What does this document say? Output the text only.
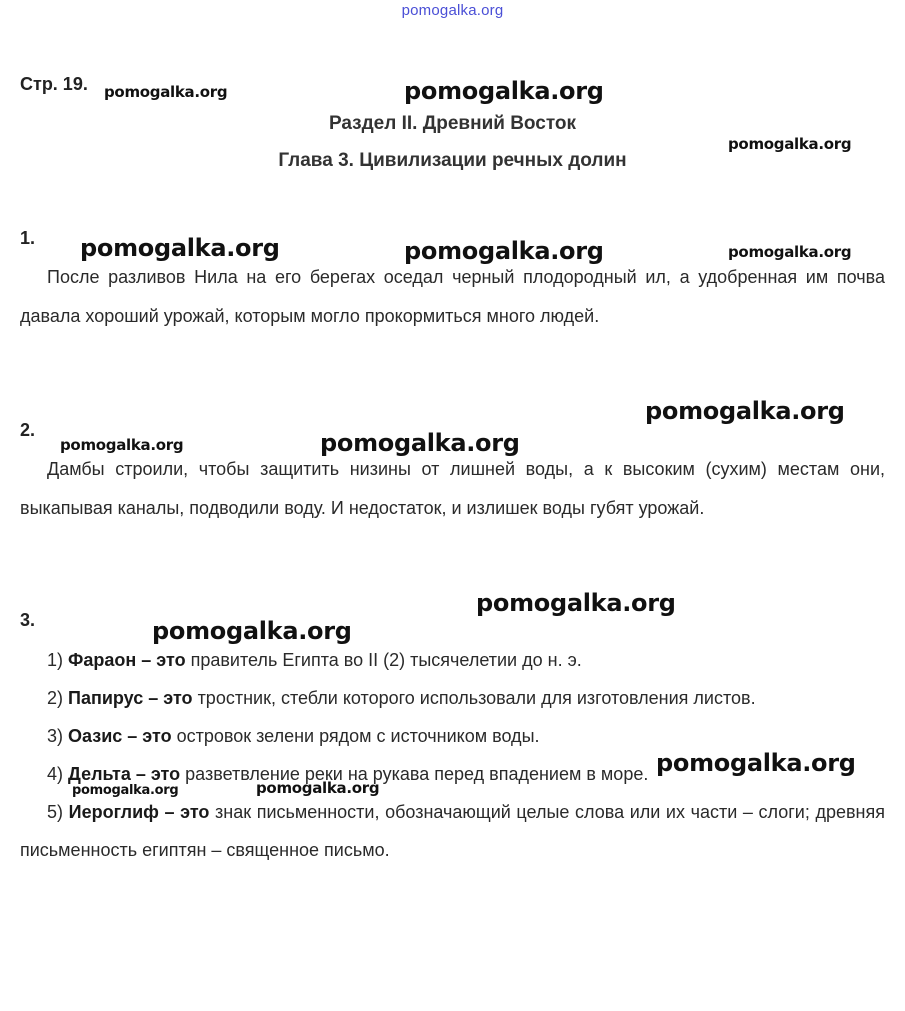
pomogalka.org
Стр. 19.
Раздел II. Древний Восток
Глава 3. Цивилизации речных долин
1.
После разливов Нила на его берегах оседал черный плодородный ил, а удобренная им почва давала хороший урожай, которым могло прокормиться много людей.
2.
Дамбы строили, чтобы защитить низины от лишней воды, а к высоким (сухим) местам они, выкапывая каналы, подводили воду. И недостаток, и излишек воды губят урожай.
3.
1) Фараон – это правитель Египта во II (2) тысячелетии до н. э.
2) Папирус – это тростник, стебли которого использовали для изготовления листов.
3) Оазис – это островок зелени рядом с источником воды.
4) Дельта – это разветвление реки на рукава перед впадением в море.
5) Иероглиф – это знак письменности, обозначающий целые слова или их части – слоги; древняя письменность египтян – священное письмо.
pomogalka.org	pomogalka.org
pomogalka.org
pomogalka.org	pomogalka.org	pomogalka.org
pomogalka.org
pomogalka.org	pomogalka.org
pomogalka.org
pomogalka.org
pomogalka.org
pomogalka.org	pomogalka.org
